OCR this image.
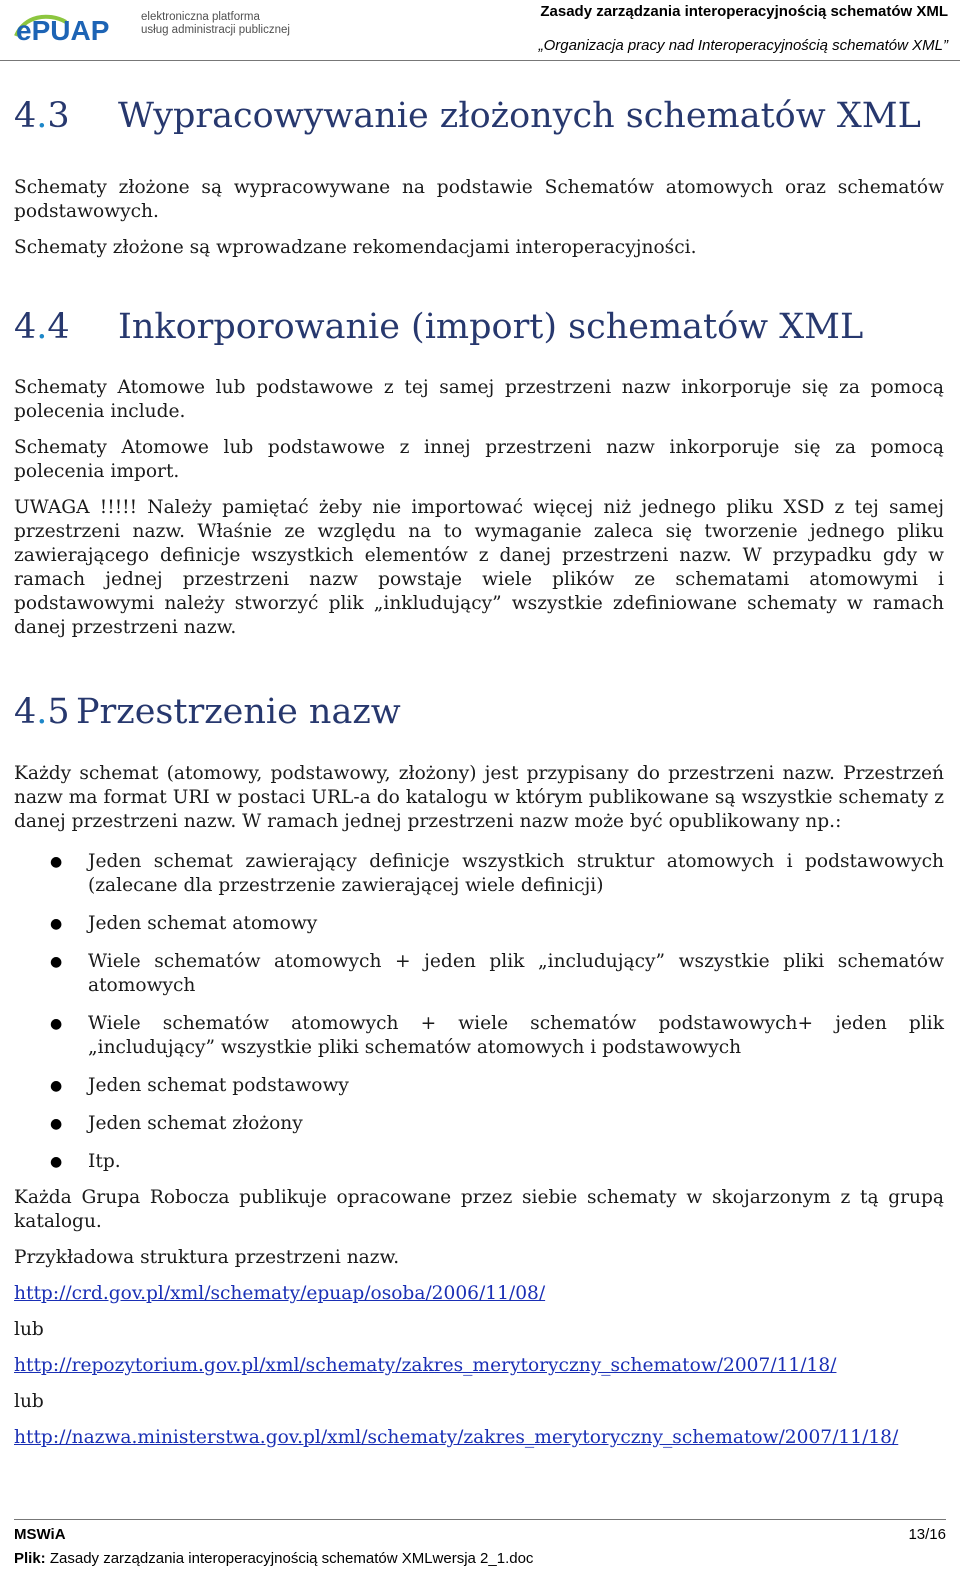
ePUAP	elektroniczna platforma
usług administracji publicznej
Zasady zarządzania interoperacyjnością schematów XML
„Organizacja pracy nad Interoperacyjnością schematów XML”
4.3 Wypracowywanie złożonych schematów XML

Schematy złożone są wypracowywane na podstawie Schematów atomowych oraz schematów podstawowych.

Schematy złożone są wprowadzane rekomendacjami interoperacyjności.

4.4 Inkorporowanie (import) schematów XML

Schematy Atomowe lub podstawowe z tej samej przestrzeni nazw inkorporuje się za pomocą polecenia include.

Schematy Atomowe lub podstawowe z innej przestrzeni nazw inkorporuje się za pomocą polecenia import.

UWAGA !!!!! Należy pamiętać żeby nie importować więcej niż jednego pliku XSD z tej samej przestrzeni nazw. Właśnie ze względu na to wymaganie zaleca się tworzenie jednego pliku zawierającego definicje wszystkich elementów z danej przestrzeni nazw. W przypadku gdy w ramach jednej przestrzeni nazw powstaje wiele plików ze schematami atomowymi i podstawowymi należy stworzyć plik „inkludujący” wszystkie zdefiniowane schematy w ramach danej przestrzeni nazw.

4.5 Przestrzenie nazw

Każdy schemat (atomowy, podstawowy, złożony) jest przypisany do przestrzeni nazw. Przestrzeń nazw ma format URI w postaci URL-a do katalogu w którym publikowane są wszystkie schematy z danej przestrzeni nazw. W ramach jednej przestrzeni nazw może być opublikowany np.:

● Jeden schemat zawierający definicje wszystkich struktur atomowych i podstawowych (zalecane dla przestrzenie zawierającej wiele definicji)
● Jeden schemat atomowy
● Wiele schematów atomowych + jeden plik „includujący” wszystkie pliki schematów atomowych
● Wiele schematów atomowych + wiele schematów podstawowych+ jeden plik „includujący” wszystkie pliki schematów atomowych i podstawowych
● Jeden schemat podstawowy
● Jeden schemat złożony
● Itp.

Każda Grupa Robocza publikuje opracowane przez siebie schematy w skojarzonym z tą grupą katalogu.

Przykładowa struktura przestrzeni nazw.

http://crd.gov.pl/xml/schematy/epuap/osoba/2006/11/08/

lub

http://repozytorium.gov.pl/xml/schematy/zakres_merytoryczny_schematow/2007/11/18/

lub

http://nazwa.ministerstwa.gov.pl/xml/schematy/zakres_merytoryczny_schematow/2007/11/18/

MSWiA	13/16
Plik: Zasady zarządzania interoperacyjnością schematów XMLwersja 2_1.doc
